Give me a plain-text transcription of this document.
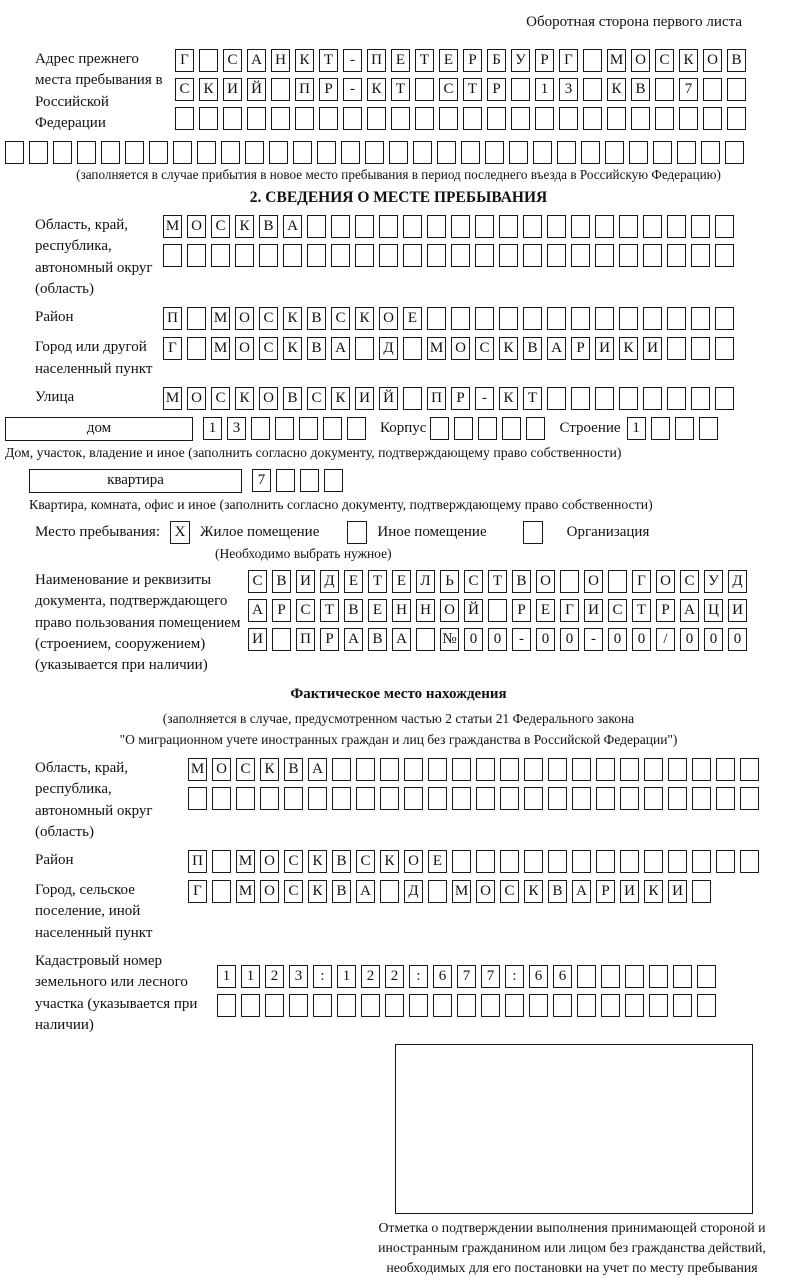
Оборотная сторона первого листа
Адрес прежнего места пребывания в Российской Федерации
Г	С А Н К Т	-	П Е Т Е	Р	Б У Р	Г	М О С К О В
С К И Й П Р	-	К Т	С Т	Р	1	3	К В	7
(заполняется в случае прибытия в новое место пребывания в период последнего въезда в Российскую Федерацию)
2. СВЕДЕНИЯ О МЕСТЕ ПРЕБЫВАНИЯ
Область, край, республика, автономный округ (область)
М О С К В А
Район	П М О С К В С К О Е
Город или другой населенный пункт
Г	М О С К В А Д М О С К В А Р И К И
Улица	М О С К О В С К И Й П Р	-	К Т
дом	1	3	Корпус	Строение 1
Дом, участок, владение и иное (заполнить согласно документу, подтверждающему право собственности)
квартира	7
Квартира, комната, офис и иное (заполнить согласно документу, подтверждающему право собственности)
Место пребывания: X Жилое помещение	Иное помещение	Организация
(Необходимо выбрать нужное)
Наименование и реквизиты документа, подтверждающего право пользования помещением (строением, сооружением) (указывается при наличии)
С В И Д Е Т Е Л Ь С Т В О О	Г О С У Д
А Р С Т В Е Н Н О Й	Р	Е	Г И С Т	Р А Ц И
И П Р А В А № 0	0	-	0	0	-	0	0	/	0	0	0
Фактическое место нахождения
(заполняется в случае, предусмотренном частью 2 статьи 21 Федерального закона
"О миграционном учете иностранных граждан и лиц без гражданства в Российской Федерации")
Область, край, республика, автономный округ (область)
М О С К В А
Район	П М О С К В С К О Е
Город, сельское поселение, иной населенный пункт
Г	М О С К В А Д М О С К В А Р И К И
Кадастровый номер земельного или лесного участка (указывается при наличии)
1	1	2	3	:	1	2	2	:	6	7	7	:	6	6
Отметка о подтверждении выполнения принимающей стороной и иностранным гражданином или лицом без гражданства действий, необходимых для его постановки на учет по месту пребывания
